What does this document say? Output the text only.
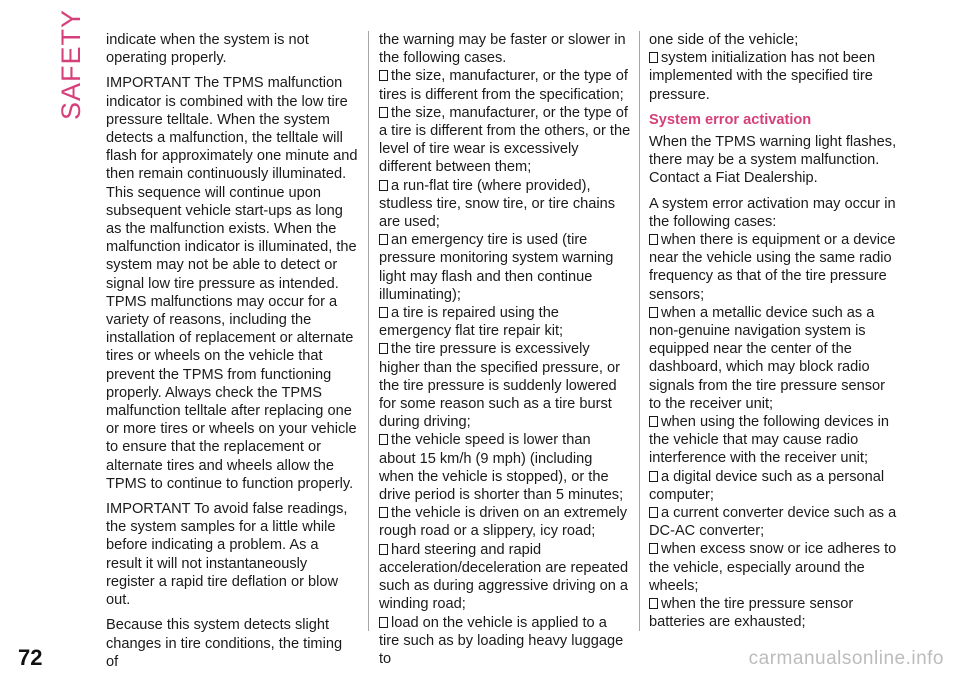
SAFETY indicate when the system is not operating properly.

IMPORTANT The TPMS malfunction indicator is combined with the low tire pressure telltale. When the system detects a malfunction, the telltale will flash for approximately one minute and then remain continuously illuminated. This sequence will continue upon subsequent vehicle start-ups as long as the malfunction exists. When the malfunction indicator is illuminated, the system may not be able to detect or signal low tire pressure as intended. TPMS malfunctions may occur for a variety of reasons, including the installation of replacement or alternate tires or wheels on the vehicle that prevent the TPMS from functioning properly. Always check the TPMS malfunction telltale after replacing one or more tires or wheels on your vehicle to ensure that the replacement or alternate tires and wheels allow the TPMS to continue to function properly.

IMPORTANT To avoid false readings, the system samples for a little while before indicating a problem. As a result it will not instantaneously register a rapid tire deflation or blow out.

Because this system detects slight changes in tire conditions, the timing of

the warning may be faster or slower in the following cases.

the size, manufacturer, or the type of tires is different from the specification;

the size, manufacturer, or the type of a tire is different from the others, or the level of tire wear is excessively different between them;

a run-flat tire (where provided), studless tire, snow tire, or tire chains are used;

an emergency tire is used (tire pressure monitoring system warning light may flash and then continue illuminating);

a tire is repaired using the emergency flat tire repair kit;

the tire pressure is excessively higher than the specified pressure, or the tire pressure is suddenly lowered for some reason such as a tire burst during driving;

the vehicle speed is lower than about 15 km/h (9 mph) (including when the vehicle is stopped), or the drive period is shorter than 5 minutes;

the vehicle is driven on an extremely rough road or a slippery, icy road;

hard steering and rapid acceleration/deceleration are repeated such as during aggressive driving on a winding road;

load on the vehicle is applied to a tire such as by loading heavy luggage to

one side of the vehicle;

system initialization has not been implemented with the specified tire pressure.

System error activation

When the TPMS warning light flashes, there may be a system malfunction. Contact a Fiat Dealership.

A system error activation may occur in the following cases:

when there is equipment or a device near the vehicle using the same radio frequency as that of the tire pressure sensors;

when a metallic device such as a non-genuine navigation system is equipped near the center of the dashboard, which may block radio signals from the tire pressure sensor to the receiver unit;

when using the following devices in the vehicle that may cause radio interference with the receiver unit;

a digital device such as a personal computer;

a current converter device such as a DC-AC converter;

when excess snow or ice adheres to the vehicle, especially around the wheels;

when the tire pressure sensor batteries are exhausted;

72	carmanualsonline.info
